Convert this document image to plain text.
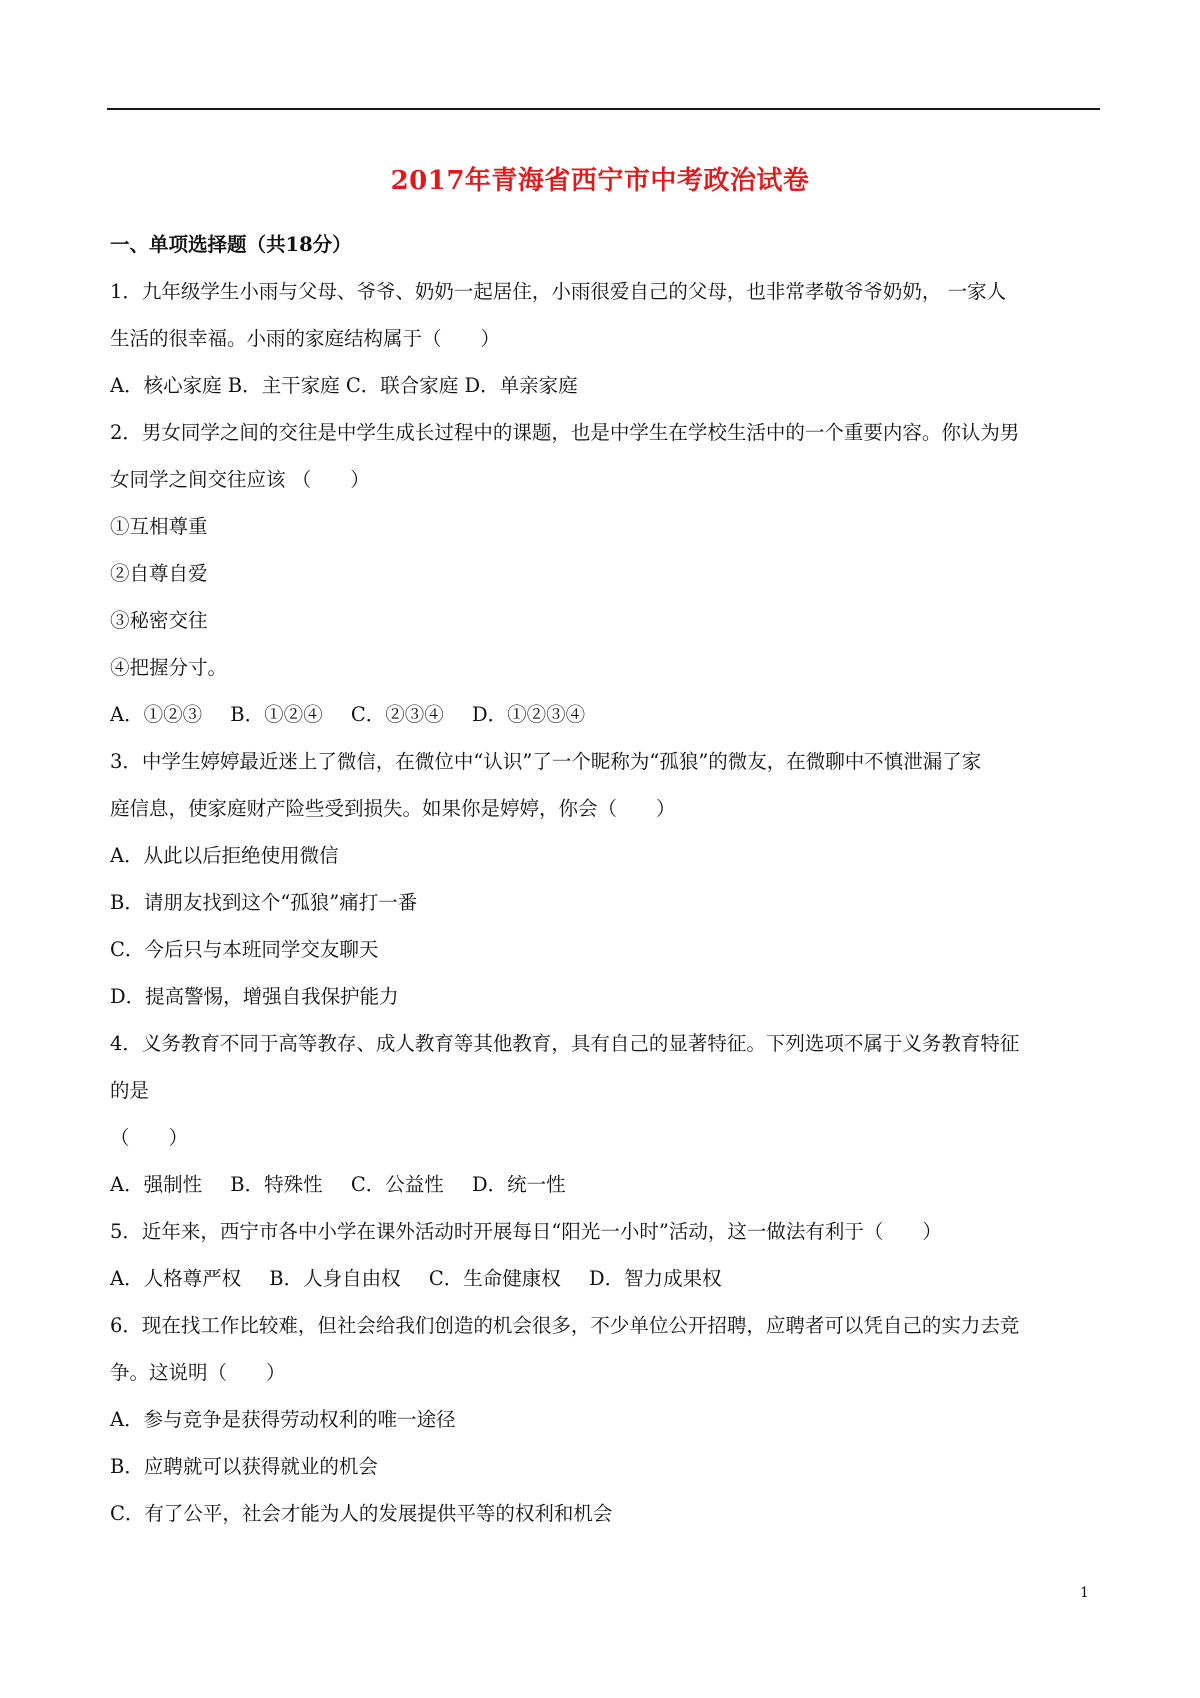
2017年青海省西宁市中考政治试卷
一、单项选择题（共18分）
1．九年级学生小雨与父母、爷爷、奶奶一起居住，小雨很爱自己的父母，也非常孝敬爷爷奶奶， 一家人
生活的很幸福。小雨的家庭结构属于（　　）
A．核心家庭 B．主干家庭 C．联合家庭 D．单亲家庭
2．男女同学之间的交往是中学生成长过程中的课题，也是中学生在学校生活中的一个重要内容。你认为男
女同学之间交往应该 （　　）
①互相尊重
②自尊自爱
③秘密交往
④把握分寸。
A．①②③ B．①②④ C．②③④ D．①②③④
3．中学生婷婷最近迷上了微信，在微位中“认识”了一个昵称为“孤狼”的微友，在微聊中不慎泄漏了家
庭信息，使家庭财产险些受到损失。如果你是婷婷，你会（　　）
A．从此以后拒绝使用微信
B．请朋友找到这个“孤狼”痛打一番
C．今后只与本班同学交友聊天
D．提高警惕，增强自我保护能力
4．义务教育不同于高等教存、成人教育等其他教育，具有自己的显著特征。下列选项不属于义务教育特征
的是
（　　）
A．强制性 B．特殊性 C．公益性 D．统一性
5．近年来，西宁市各中小学在课外活动时开展每日“阳光一小时”活动，这一做法有利于（　　）
A．人格尊严权 B．人身自由权 C．生命健康权 D．智力成果权
6．现在找工作比较难，但社会给我们创造的机会很多，不少单位公开招聘，应聘者可以凭自己的实力去竞
争。这说明（　　）
A．参与竞争是获得劳动权利的唯一途径
B．应聘就可以获得就业的机会
C．有了公平，社会才能为人的发展提供平等的权利和机会
1
